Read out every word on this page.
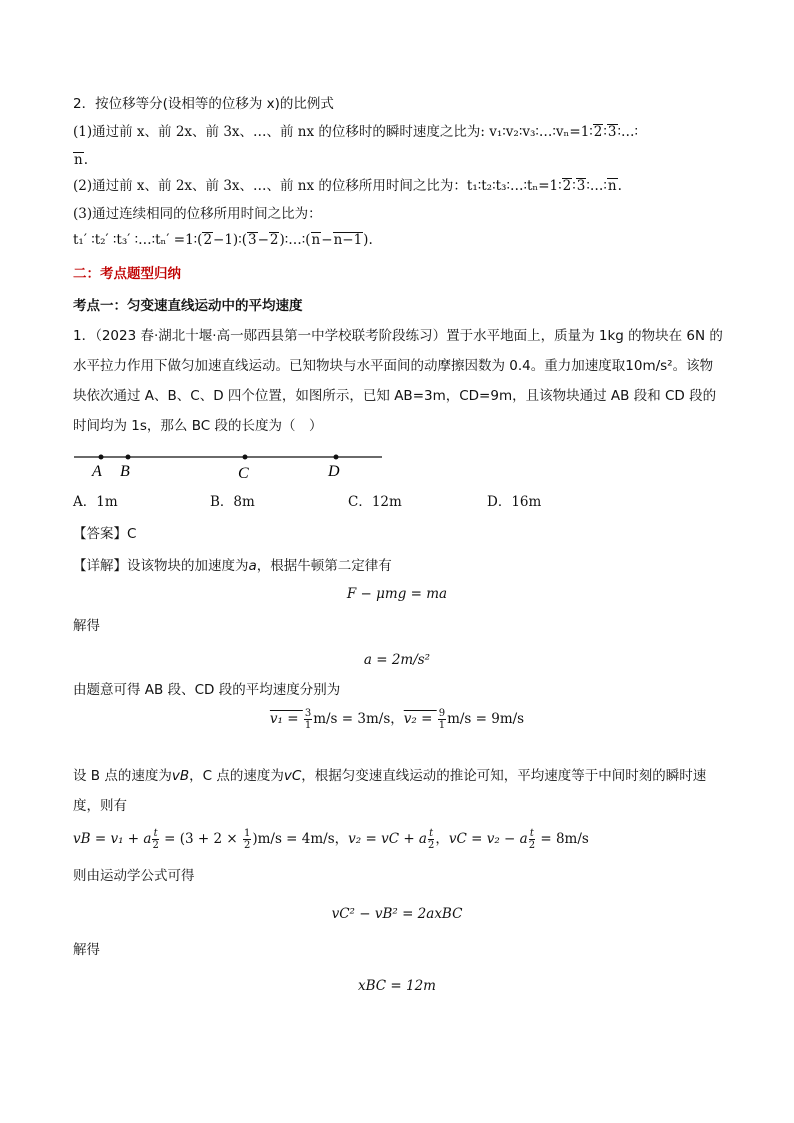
2．按位移等分(设相等的位移为 x)的比例式
(1)通过前 x、前 2x、前 3x、…、前 nx 的位移时的瞬时速度之比为: v₁∶v₂∶v₃∶…∶vₙ=1∶2∶3∶…∶
n.
(2)通过前 x、前 2x、前 3x、…、前 nx 的位移所用时间之比为：t₁∶t₂∶t₃∶…∶tₙ=1∶2∶3∶…∶n.
(3)通过连续相同的位移所用时间之比为：
t₁′ ∶t₂′ ∶t₃′ ∶…∶tₙ′ =1∶(2−1)∶(3−2)∶…∶(n−n−1).
二：考点题型归纳
考点一：匀变速直线运动中的平均速度
1．（2023 春·湖北十堰·高一郧西县第一中学校联考阶段练习）置于水平地面上，质量为 1kg 的物块在 6N 的
水平拉力作用下做匀加速直线运动。已知物块与水平面间的动摩擦因数为 0.4。重力加速度取10m/s²。该物
块依次通过 A、B、C、D 四个位置，如图所示，已知 AB=3m，CD=9m，且该物块通过 AB 段和 CD 段的
时间均为 1s，那么 BC 段的长度为（　）
A B	C	D
A．1m	B．8m	C．12m	D．16m
【答案】C
【详解】设该物块的加速度为a，根据牛顿第二定律有
F − μmg = ma
解得
a = 2m/s²
由题意可得 AB 段、CD 段的平均速度分别为
$v_1 = \frac{3}{1} m/s = 3m/s$，$v_2 = \frac{9}{1} m/s = 9m/s$
设 B 点的速度为vB，C 点的速度为vC，根据匀变速直线运动的推论可知，平均速度等于中间时刻的瞬时速
度，则有
vB = v₁ + a $\frac{t}{2} = (3 + 2 \times \frac{1}{2} )m/s = 4m/s$，v₂ = vC + a $\frac{t}{2}$ ，vC = v₂ − a $\frac{t}{2} = 8m/s$
则由运动学公式可得
vC² − vB² = 2axBC
解得
xBC = 12m
